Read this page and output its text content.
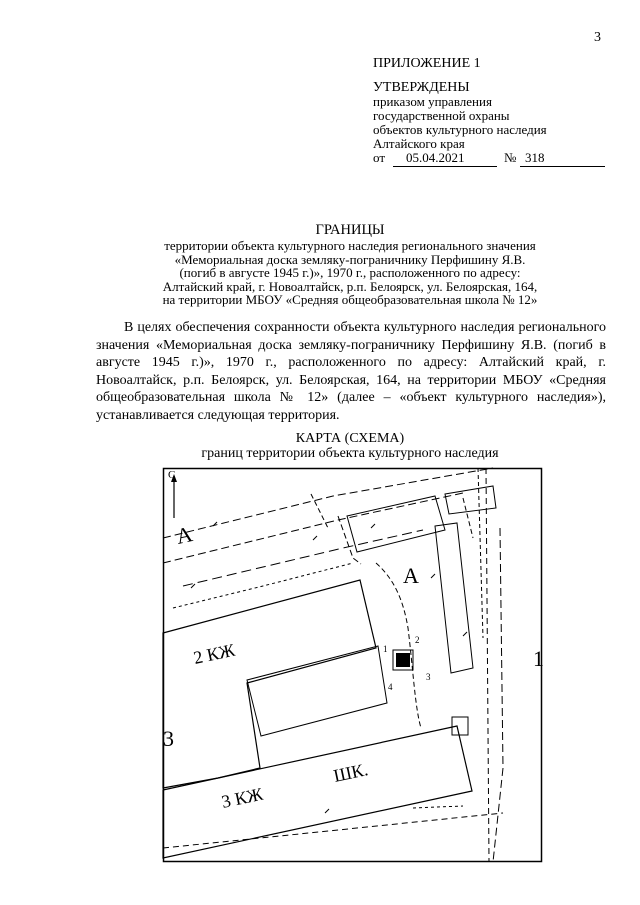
3
ПРИЛОЖЕНИЕ 1
УТВЕРЖДЕНЫ
приказом управления
государственной охраны
объектов культурного наследия
Алтайского края
от 05.04.2021	№ 318
ГРАНИЦЫ
территории объекта культурного наследия регионального значения
«Мемориальная доска земляку-пограничнику Перфишину Я.В.
(погиб в августе 1945 г.)», 1970 г., расположенного по адресу:
Алтайский край, г. Новоалтайск, р.п. Белоярск, ул. Белоярская, 164,
на территории МБОУ «Средняя общеобразовательная школа № 12»

В целях обеспечения сохранности объекта культурного наследия регионального значения «Мемориальная доска земляку-пограничнику Перфишину Я.В. (погиб в августе 1945 г.)», 1970 г., расположенного по адресу: Алтайский край, г. Новоалтайск, р.п. Белоярск, ул. Белоярская, 164, на территории МБОУ «Средняя общеобразовательная школа № 12» (далее – «объект культурного наследия»), устанавливается следующая территория.

КАРТА (СХЕМА)
границ территории объекта культурного наследия
С
А
А
2 КЖ
3 КЖ
ШК.
1
3
1
2
3
4
